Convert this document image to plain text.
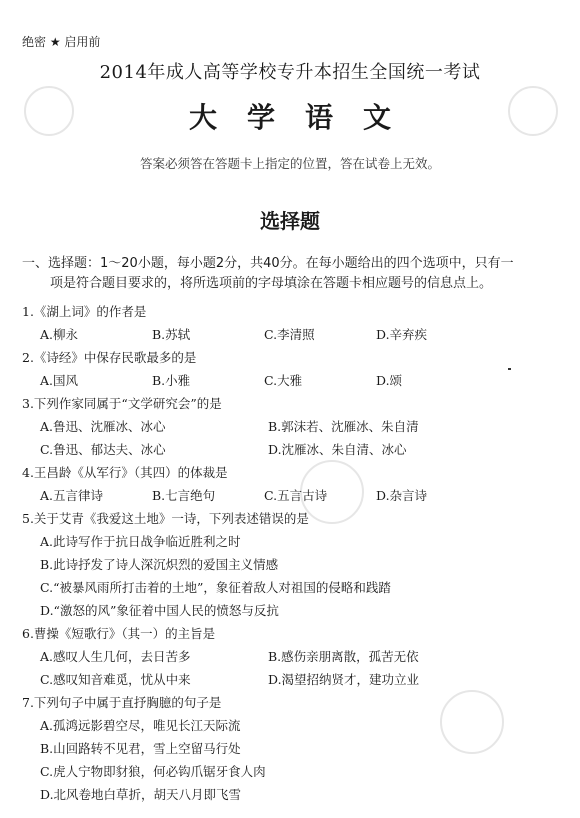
绝密 ★ 启用前
2014年成人高等学校专升本招生全国统一考试
大学语文
答案必须答在答题卡上指定的位置，答在试卷上无效。
选择题
一、选择题：1～20小题，每小题2分，共40分。在每小题给出的四个选项中，只有一
项是符合题目要求的，将所选项前的字母填涂在答题卡相应题号的信息点上。
1.《湖上词》的作者是
A.柳永	B.苏轼	C.李清照	D.辛弃疾
2.《诗经》中保存民歌最多的是
A.国风	B.小雅	C.大雅	D.颂
3.下列作家同属于“文学研究会”的是
A.鲁迅、沈雁冰、冰心	B.郭沫若、沈雁冰、朱自清
C.鲁迅、郁达夫、冰心	D.沈雁冰、朱自清、冰心
4.王昌龄《从军行》（其四）的体裁是
A.五言律诗	B.七言绝句	C.五言古诗	D.杂言诗
5.关于艾青《我爱这土地》一诗，下列表述错误的是
A.此诗写作于抗日战争临近胜利之时
B.此诗抒发了诗人深沉炽烈的爱国主义情感
C.“被暴风雨所打击着的土地”，象征着敌人对祖国的侵略和践踏
D.“激怒的风”象征着中国人民的愤怒与反抗
6.曹操《短歌行》（其一）的主旨是
A.感叹人生几何，去日苦多	B.感伤亲朋离散，孤苦无依
C.感叹知音难觅，忧从中来	D.渴望招纳贤才，建功立业
7.下列句子中属于直抒胸臆的句子是
A.孤鸿远影碧空尽，唯见长江天际流
B.山回路转不见君，雪上空留马行处
C.虎人宁物即豺狼，何必钩爪锯牙食人肉
D.北风卷地白草折，胡天八月即飞雪
